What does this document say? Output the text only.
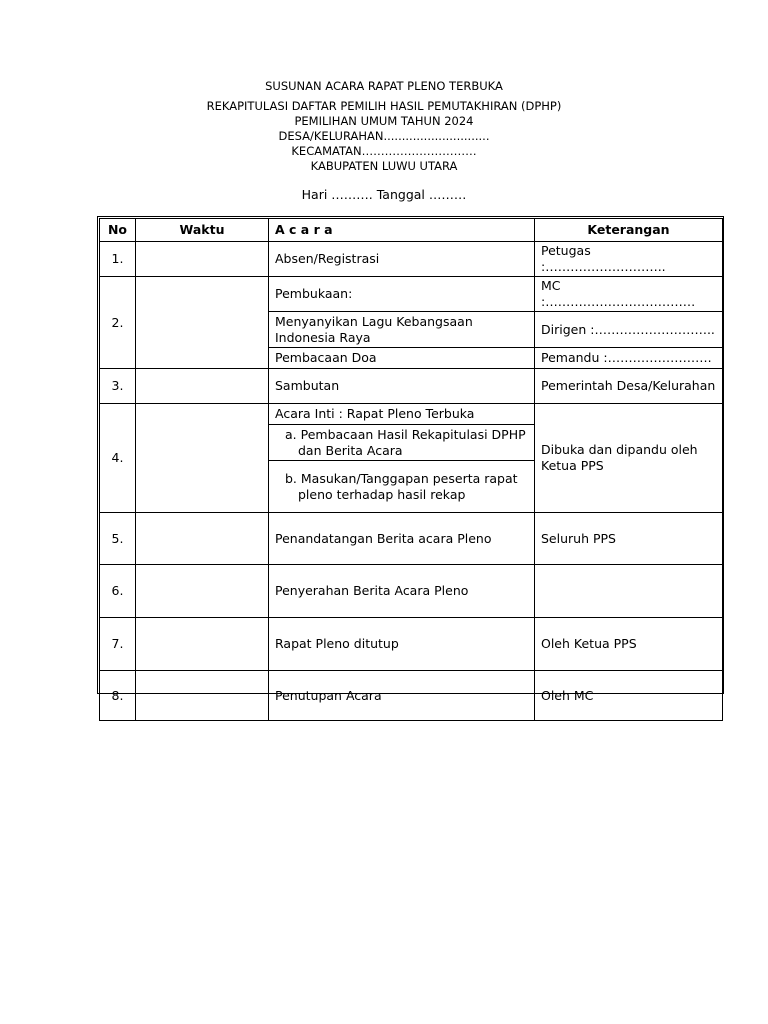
SUSUNAN ACARA RAPAT PLENO TERBUKA
REKAPITULASI DAFTAR PEMILIH HASIL PEMUTAKHIRAN (DPHP)
PEMILIHAN UMUM TAHUN 2024
DESA/KELURAHAN.............................
KECAMATAN…………………………
KABUPATEN LUWU UTARA
Hari ………. Tanggal ………
No	Waktu	A c a r a	Keterangan
1.		Absen/Registrasi	Petugas :………………………..
2.		Pembukaan:	MC :………………………………
		Menyanyikan Lagu Kebangsaan Indonesia Raya	Dirigen :………………………..
		Pembacaan Doa	Pemandu :…………………….
3.		Sambutan	Pemerintah Desa/Kelurahan
4.		Acara Inti : Rapat Pleno Terbuka	Dibuka dan dipandu oleh Ketua PPS

		a. Pembacaan Hasil Rekapitulasi DPHP dan Berita Acara	

		b. Masukan/Tanggapan peserta rapat pleno terhadap hasil rekap	

5.		Penandatangan Berita acara Pleno	Seluruh PPS
6.		Penyerahan Berita Acara Pleno	
7.		Rapat Pleno ditutup	Oleh Ketua PPS
8.		Penutupan Acara	Oleh MC
